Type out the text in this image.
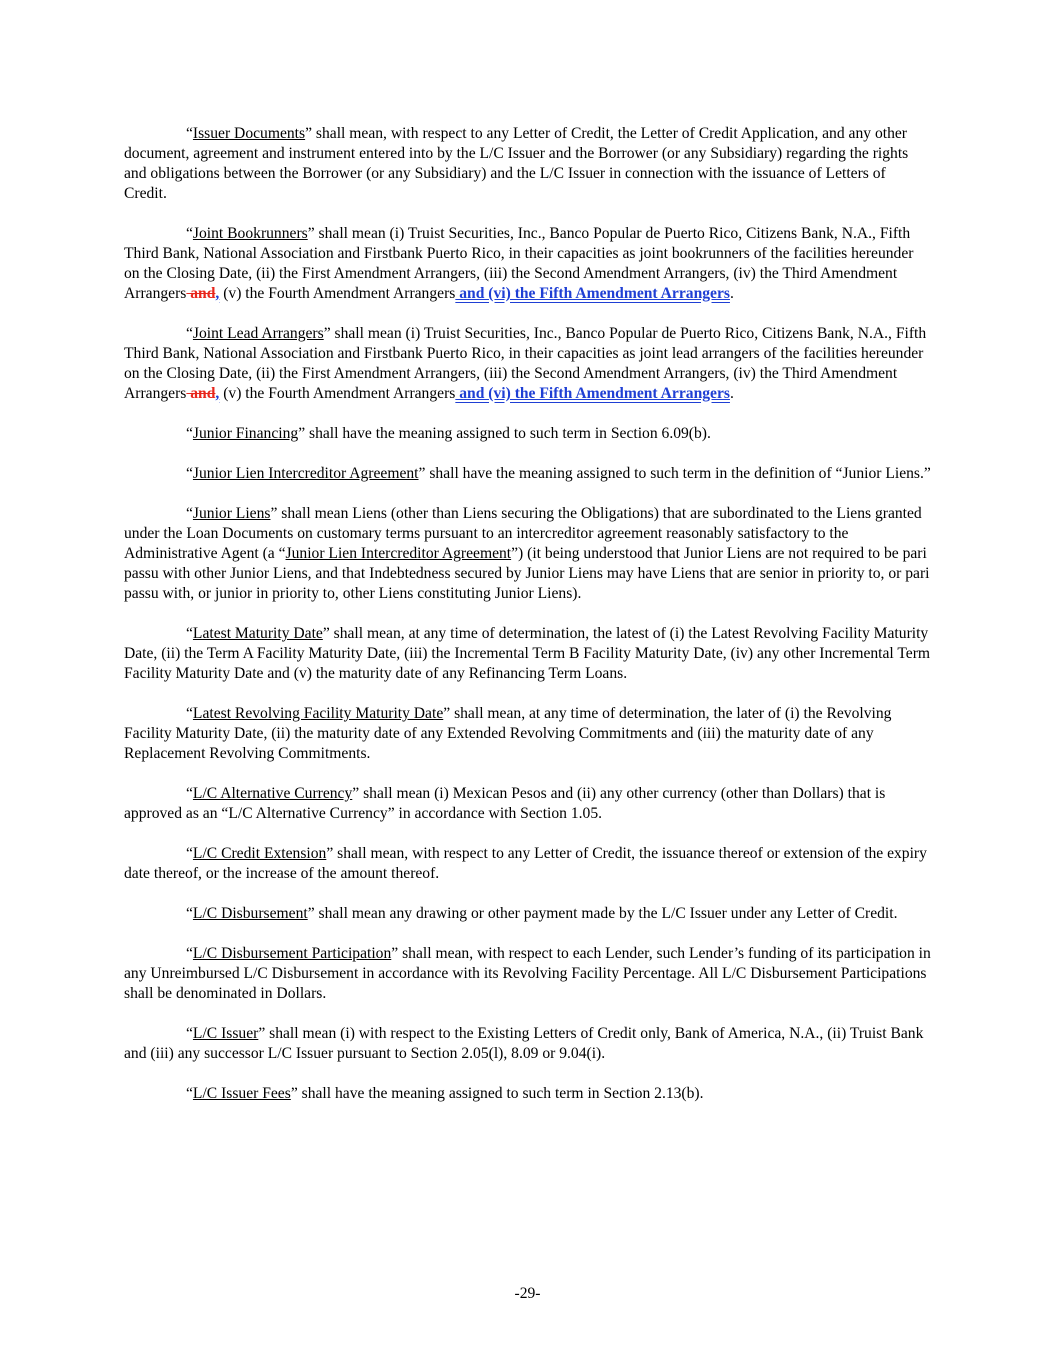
“Issuer Documents” shall mean, with respect to any Letter of Credit, the Letter of Credit Application, and any other document, agreement and instrument entered into by the L/C Issuer and the Borrower (or any Subsidiary) regarding the rights and obligations between the Borrower (or any Subsidiary) and the L/C Issuer in connection with the issuance of Letters of Credit.

“Joint Bookrunners” shall mean (i) Truist Securities, Inc., Banco Popular de Puerto Rico, Citizens Bank, N.A., Fifth Third Bank, National Association and Firstbank Puerto Rico, in their capacities as joint bookrunners of the facilities hereunder on the Closing Date, (ii) the First Amendment Arrangers, (iii) the Second Amendment Arrangers, (iv) the Third Amendment Arrangers and, (v) the Fourth Amendment Arrangers and (vi) the Fifth Amendment Arrangers.

“Joint Lead Arrangers” shall mean (i) Truist Securities, Inc., Banco Popular de Puerto Rico, Citizens Bank, N.A., Fifth Third Bank, National Association and Firstbank Puerto Rico, in their capacities as joint lead arrangers of the facilities hereunder on the Closing Date, (ii) the First Amendment Arrangers, (iii) the Second Amendment Arrangers, (iv) the Third Amendment Arrangers and, (v) the Fourth Amendment Arrangers and (vi) the Fifth Amendment Arrangers.

“Junior Financing” shall have the meaning assigned to such term in Section 6.09(b).

“Junior Lien Intercreditor Agreement” shall have the meaning assigned to such term in the definition of “Junior Liens.”

“Junior Liens” shall mean Liens (other than Liens securing the Obligations) that are subordinated to the Liens granted under the Loan Documents on customary terms pursuant to an intercreditor agreement reasonably satisfactory to the Administrative Agent (a “Junior Lien Intercreditor Agreement”) (it being understood that Junior Liens are not required to be pari passu with other Junior Liens, and that Indebtedness secured by Junior Liens may have Liens that are senior in priority to, or pari passu with, or junior in priority to, other Liens constituting Junior Liens).

“Latest Maturity Date” shall mean, at any time of determination, the latest of (i) the Latest Revolving Facility Maturity Date, (ii) the Term A Facility Maturity Date, (iii) the Incremental Term B Facility Maturity Date, (iv) any other Incremental Term Facility Maturity Date and (v) the maturity date of any Refinancing Term Loans.

“Latest Revolving Facility Maturity Date” shall mean, at any time of determination, the later of (i) the Revolving Facility Maturity Date, (ii) the maturity date of any Extended Revolving Commitments and (iii) the maturity date of any Replacement Revolving Commitments.

“L/C Alternative Currency” shall mean (i) Mexican Pesos and (ii) any other currency (other than Dollars) that is approved as an “L/C Alternative Currency” in accordance with Section 1.05.

“L/C Credit Extension” shall mean, with respect to any Letter of Credit, the issuance thereof or extension of the expiry date thereof, or the increase of the amount thereof.

“L/C Disbursement” shall mean any drawing or other payment made by the L/C Issuer under any Letter of Credit.

“L/C Disbursement Participation” shall mean, with respect to each Lender, such Lender’s funding of its participation in any Unreimbursed L/C Disbursement in accordance with its Revolving Facility Percentage. All L/C Disbursement Participations shall be denominated in Dollars.

“L/C Issuer” shall mean (i) with respect to the Existing Letters of Credit only, Bank of America, N.A., (ii) Truist Bank and (iii) any successor L/C Issuer pursuant to Section 2.05(l), 8.09 or 9.04(i).

“L/C Issuer Fees” shall have the meaning assigned to such term in Section 2.13(b).

-29-
